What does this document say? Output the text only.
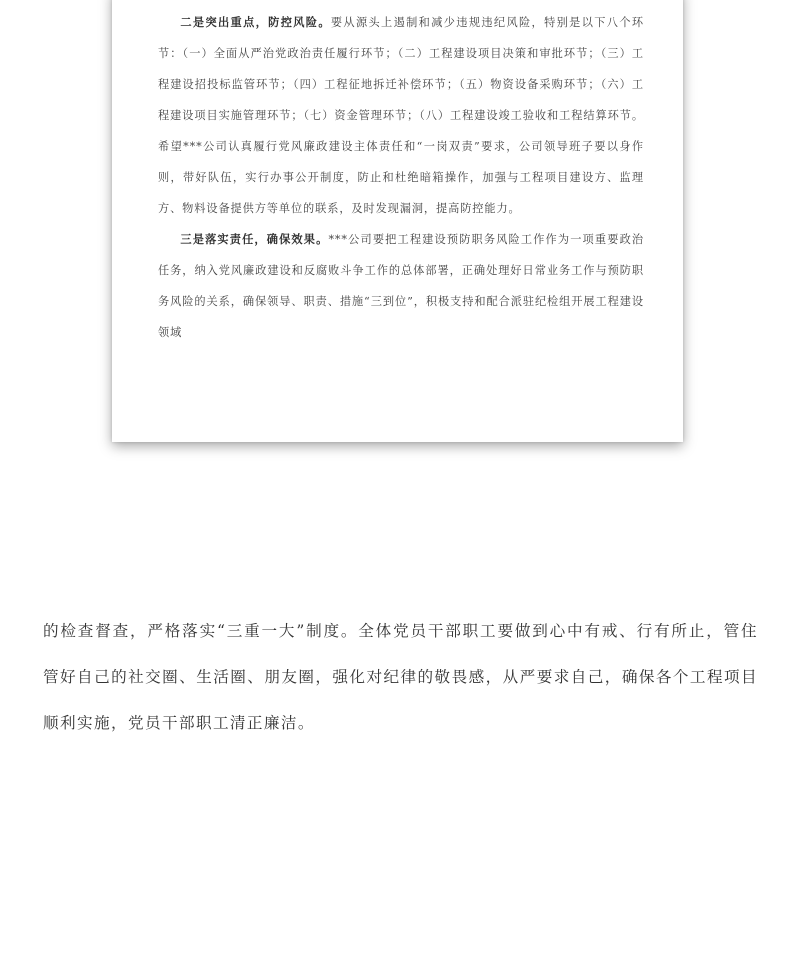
二是突出重点，防控风险。要从源头上遏制和减少违规违纪风险，特别是以下八个环节：（一）全面从严治党政治责任履行环节；（二）工程建设项目决策和审批环节；（三）工程建设招投标监管环节；（四）工程征地拆迁补偿环节；（五）物资设备采购环节；（六）工程建设项目实施管理环节；（七）资金管理环节；（八）工程建设竣工验收和工程结算环节。希望***公司认真履行党风廉政建设主体责任和“一岗双责”要求，公司领导班子要以身作则，带好队伍，实行办事公开制度，防止和杜绝暗箱操作，加强与工程项目建设方、监理方、物料设备提供方等单位的联系，及时发现漏洞，提高防控能力。

三是落实责任，确保效果。***公司要把工程建设预防职务风险工作作为一项重要政治任务，纳入党风廉政建设和反腐败斗争工作的总体部署，正确处理好日常业务工作与预防职务风险的关系，确保领导、职责、措施“三到位”，积极支持和配合派驻纪检组开展工程建设领域

的检查督查，严格落实“三重一大”制度。全体党员干部职工要做到心中有戒、行有所止，管住管好自己的社交圈、生活圈、朋友圈，强化对纪律的敬畏感，从严要求自己，确保各个工程项目顺利实施，党员干部职工清正廉洁。
